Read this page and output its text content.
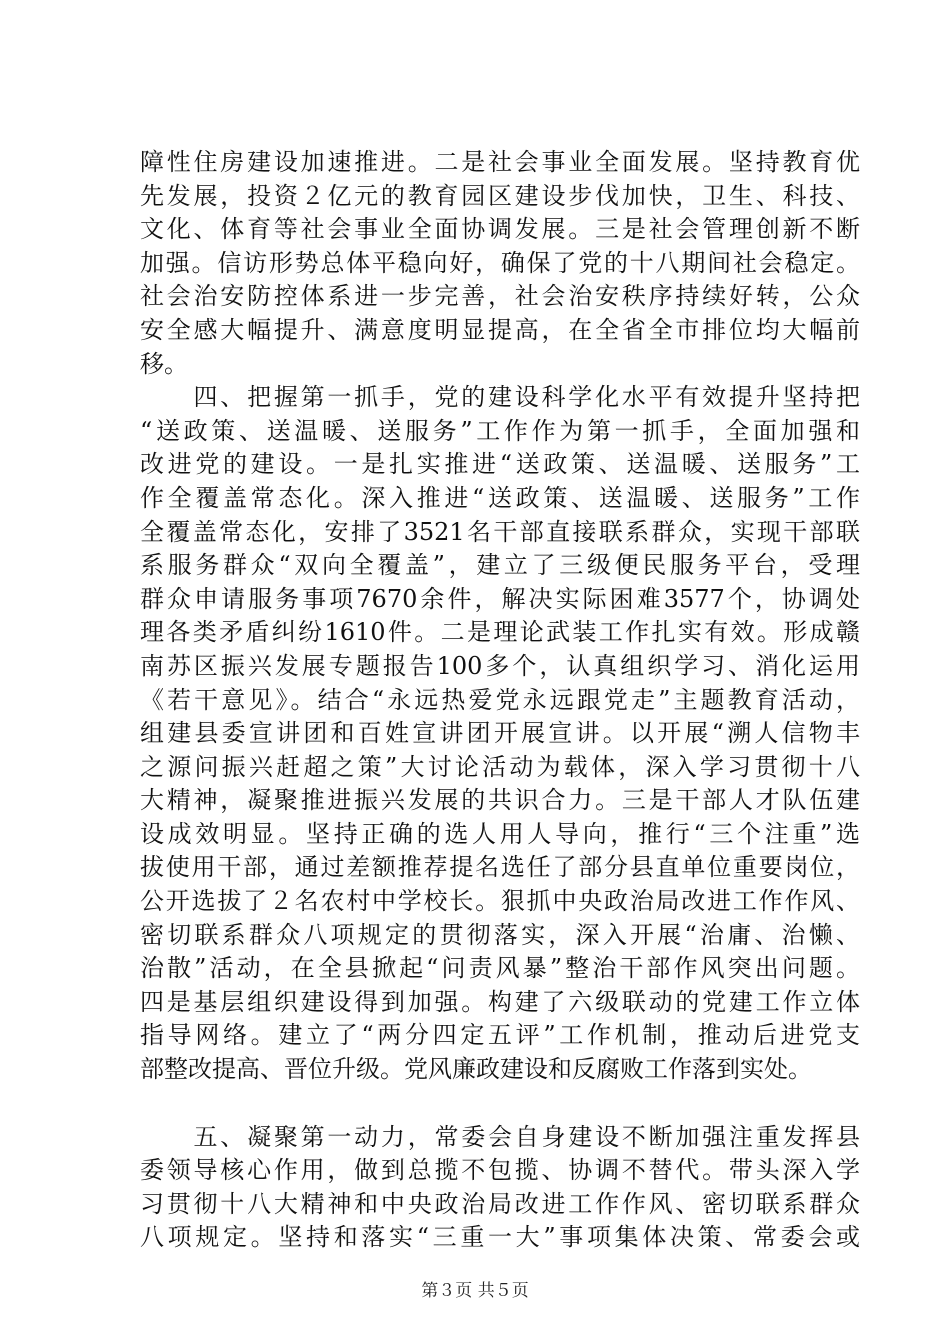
障性住房建设加速推进。二是社会事业全面发展。坚持教育优
先发展，投资２亿元的教育园区建设步伐加快，卫生、科技、
文化、体育等社会事业全面协调发展。三是社会管理创新不断
加强。信访形势总体平稳向好，确保了党的十八期间社会稳定。
社会治安防控体系进一步完善，社会治安秩序持续好转，公众
安全感大幅提升、满意度明显提高，在全省全市排位均大幅前
移。
　　四、把握第一抓手，党的建设科学化水平有效提升坚持把
“送政策、送温暖、送服务”工作作为第一抓手，全面加强和
改进党的建设。一是扎实推进“送政策、送温暖、送服务”工
作全覆盖常态化。深入推进“送政策、送温暖、送服务”工作
全覆盖常态化，安排了3521名干部直接联系群众，实现干部联
系服务群众“双向全覆盖”，建立了三级便民服务平台，受理
群众申请服务事项7670余件，解决实际困难3577个，协调处
理各类矛盾纠纷1610件。二是理论武装工作扎实有效。形成赣
南苏区振兴发展专题报告100多个，认真组织学习、消化运用
《若干意见》。结合“永远热爱党永远跟党走”主题教育活动，
组建县委宣讲团和百姓宣讲团开展宣讲。以开展“溯人信物丰
之源问振兴赶超之策”大讨论活动为载体，深入学习贯彻十八
大精神，凝聚推进振兴发展的共识合力。三是干部人才队伍建
设成效明显。坚持正确的选人用人导向，推行“三个注重”选
拔使用干部，通过差额推荐提名选任了部分县直单位重要岗位，
公开选拔了２名农村中学校长。狠抓中央政治局改进工作作风、
密切联系群众八项规定的贯彻落实，深入开展“治庸、治懒、
治散”活动，在全县掀起“问责风暴”整治干部作风突出问题。
四是基层组织建设得到加强。构建了六级联动的党建工作立体
指导网络。建立了“两分四定五评”工作机制，推动后进党支
部整改提高、晋位升级。党风廉政建设和反腐败工作落到实处。
　　五、凝聚第一动力，常委会自身建设不断加强注重发挥县
委领导核心作用，做到总揽不包揽、协调不替代。带头深入学
习贯彻十八大精神和中央政治局改进工作作风、密切联系群众
八项规定。坚持和落实“三重一大”事项集体决策、常委会或
第３页 共５页
